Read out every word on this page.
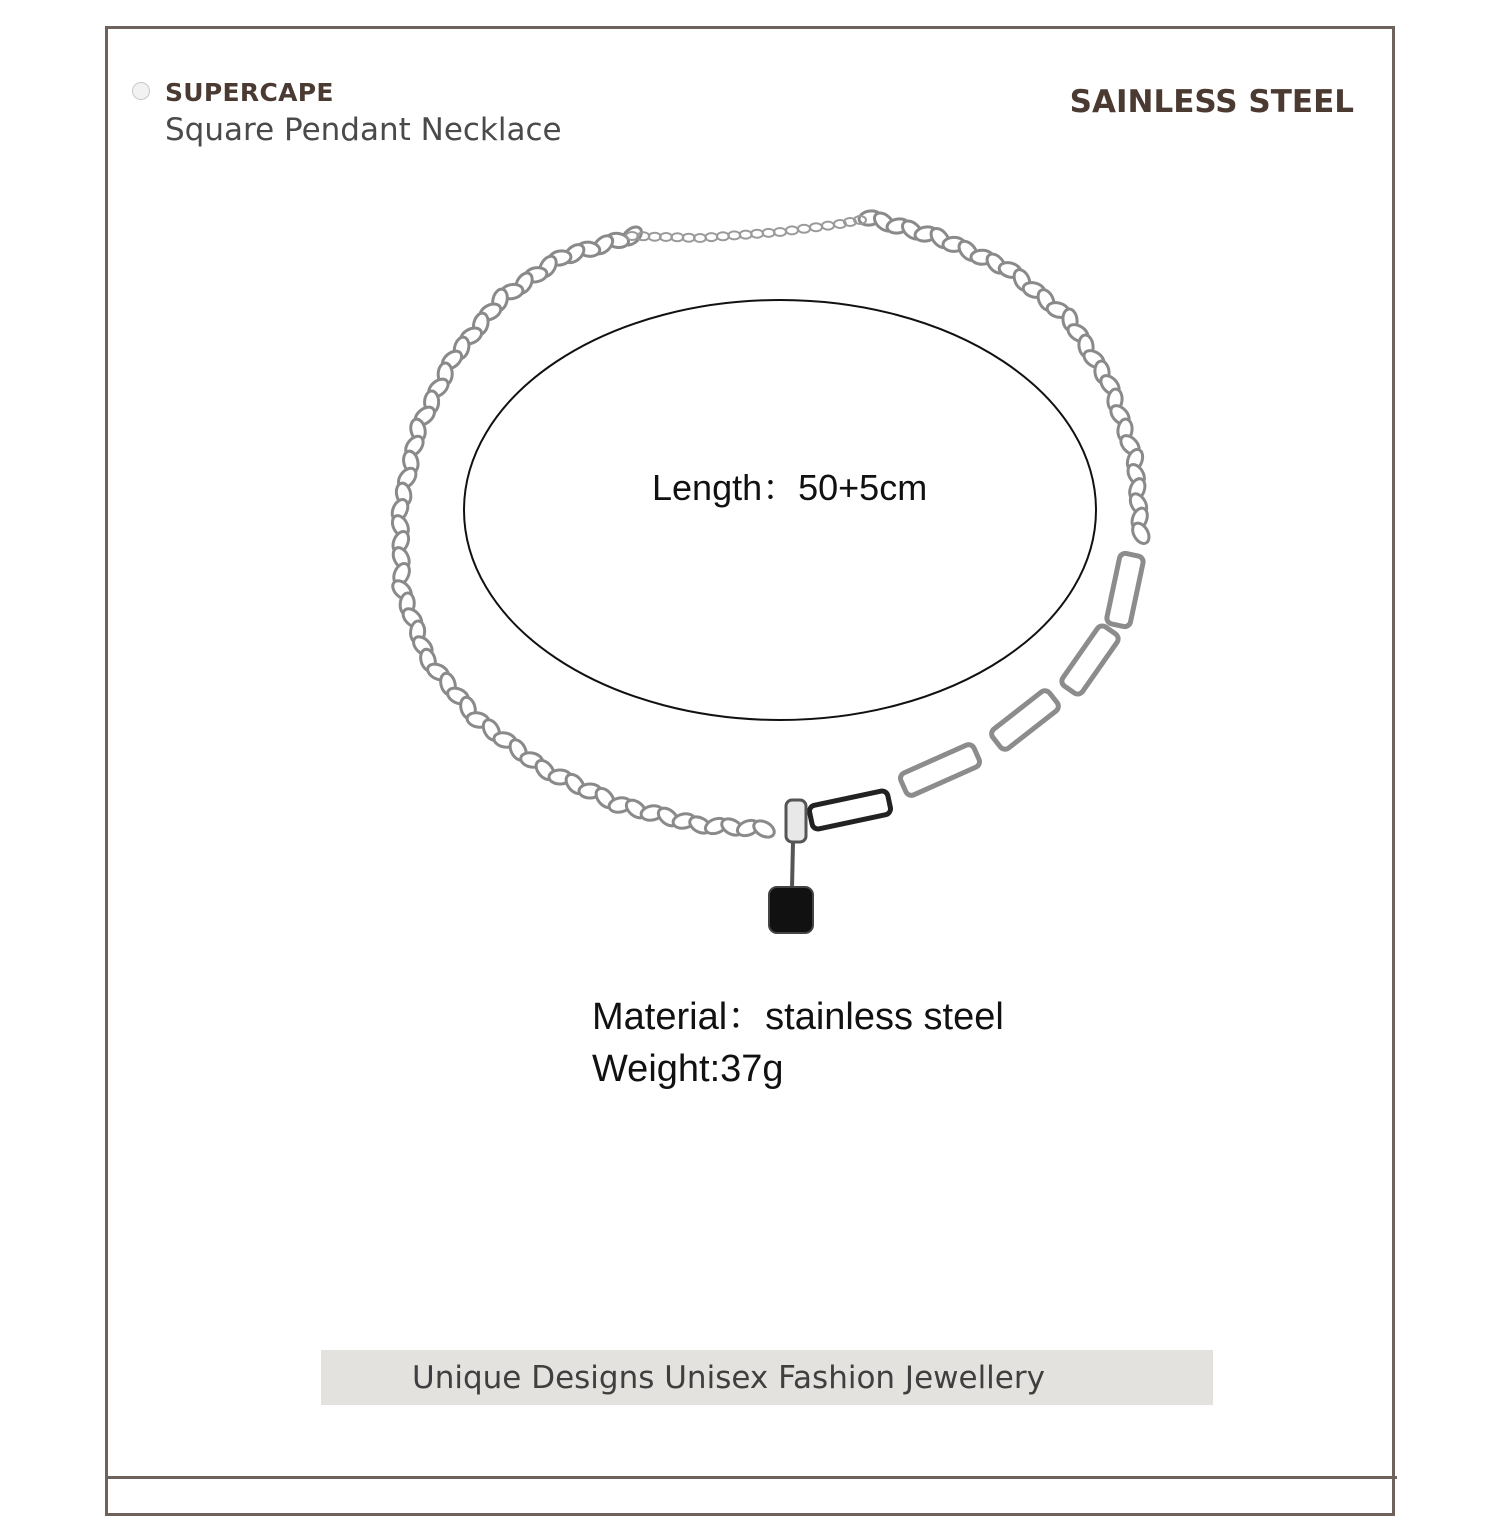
SUPERCAPE
Square Pendant Necklace
SAINLESS STEEL
Length：50+5cm
Material：stainless steel
Weight:37g
Unique Designs Unisex Fashion Jewellery
